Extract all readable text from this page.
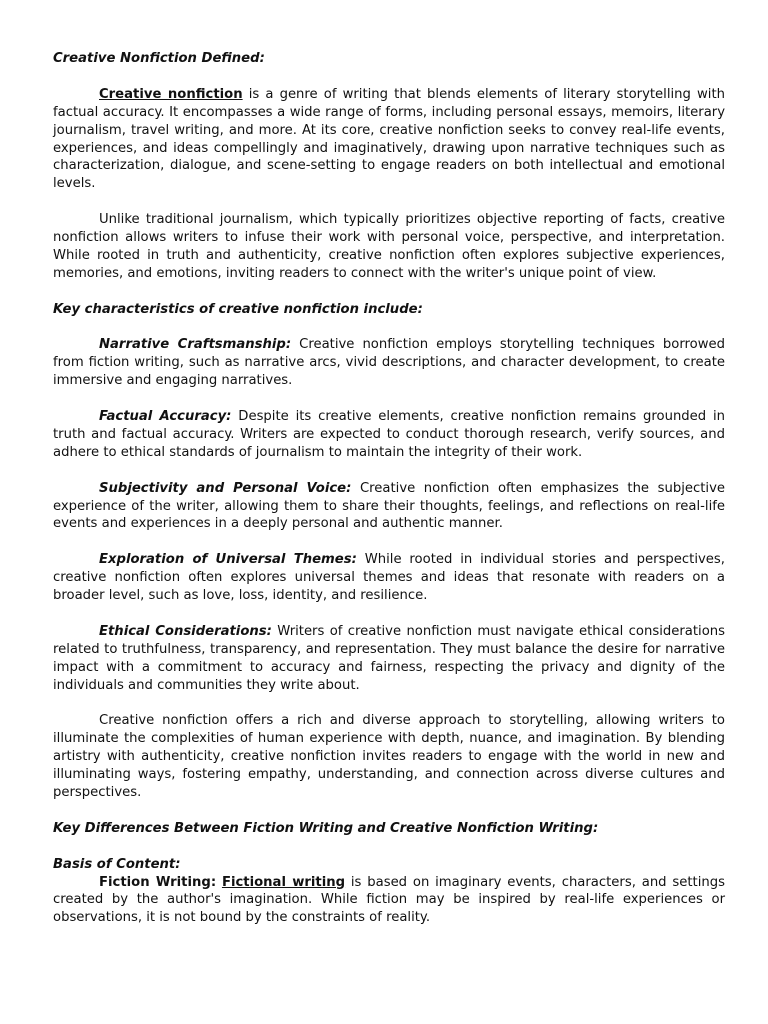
Creative Nonfiction Defined:

Creative nonfiction is a genre of writing that blends elements of literary storytelling with factual accuracy. It encompasses a wide range of forms, including personal essays, memoirs, literary journalism, travel writing, and more. At its core, creative nonfiction seeks to convey real-life events, experiences, and ideas compellingly and imaginatively, drawing upon narrative techniques such as characterization, dialogue, and scene-setting to engage readers on both intellectual and emotional levels.

Unlike traditional journalism, which typically prioritizes objective reporting of facts, creative nonfiction allows writers to infuse their work with personal voice, perspective, and interpretation. While rooted in truth and authenticity, creative nonfiction often explores subjective experiences, memories, and emotions, inviting readers to connect with the writer's unique point of view.

Key characteristics of creative nonfiction include:

Narrative Craftsmanship: Creative nonfiction employs storytelling techniques borrowed from fiction writing, such as narrative arcs, vivid descriptions, and character development, to create immersive and engaging narratives.

Factual Accuracy: Despite its creative elements, creative nonfiction remains grounded in truth and factual accuracy. Writers are expected to conduct thorough research, verify sources, and adhere to ethical standards of journalism to maintain the integrity of their work.

Subjectivity and Personal Voice: Creative nonfiction often emphasizes the subjective experience of the writer, allowing them to share their thoughts, feelings, and reflections on real-life events and experiences in a deeply personal and authentic manner.

Exploration of Universal Themes: While rooted in individual stories and perspectives, creative nonfiction often explores universal themes and ideas that resonate with readers on a broader level, such as love, loss, identity, and resilience.

Ethical Considerations: Writers of creative nonfiction must navigate ethical considerations related to truthfulness, transparency, and representation. They must balance the desire for narrative impact with a commitment to accuracy and fairness, respecting the privacy and dignity of the individuals and communities they write about.

Creative nonfiction offers a rich and diverse approach to storytelling, allowing writers to illuminate the complexities of human experience with depth, nuance, and imagination. By blending artistry with authenticity, creative nonfiction invites readers to engage with the world in new and illuminating ways, fostering empathy, understanding, and connection across diverse cultures and perspectives.

Key Differences Between Fiction Writing and Creative Nonfiction Writing:

Basis of Content:

Fiction Writing: Fictional writing is based on imaginary events, characters, and settings created by the author's imagination. While fiction may be inspired by real-life experiences or observations, it is not bound by the constraints of reality.
